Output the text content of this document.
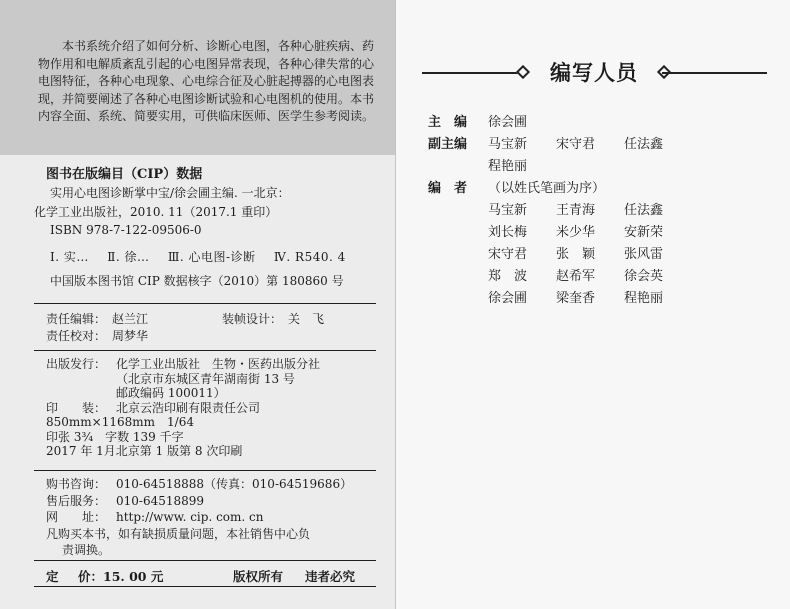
本书系统介绍了如何分析、诊断心电图，各种心脏疾病、药物作用和电解质紊乱引起的心电图异常表现，各种心律失常的心电图特征，各种心电现象、心电综合征及心脏起搏器的心电图表现，并简要阐述了各种心电图诊断试验和心电图机的使用。本书内容全面、系统、简要实用，可供临床医师、医学生参考阅读。

图书在版编目（CIP）数据
实用心电图诊断掌中宝/徐会圃主编. 一北京：
化学工业出版社，2010. 11（2017.1 重印）
ISBN 978-7-122-09506-0
Ⅰ. 实… Ⅱ. 徐… Ⅲ. 心电图-诊断 Ⅳ. R540. 4
中国版本图书馆 CIP 数据核字（2010）第 180860 号
责任编辑： 赵兰江	装帧设计： 关　飞
责任校对： 周梦华
出版发行： 化学工业出版社　生物・医药出版分社
（北京市东城区青年湖南街 13 号
邮政编码 100011）
印　　装： 北京云浩印刷有限责任公司
850mm×1168mm　1/64
印张 3¾　字数 139 千字
2017 年 1月北京第 1 版第 8 次印刷
购书咨询： 010-64518888（传真：010-64519686）
售后服务： 010-64518899
网　　址： http://www. cip. com. cn
凡购买本书，如有缺损质量问题，本社销售中心负
责调换。
定	价：15. 00 元	版权所有	违者必究
编写人员
主　编	徐会圃
副主编	马宝新	宋守君	任法鑫
程艳丽
编　者	（以姓氏笔画为序）
马宝新	王青海	任法鑫
刘长梅	米少华	安新荣
宋守君	张　颖	张风雷
郑　波	赵希军	徐会英
徐会圃	梁奎香	程艳丽
